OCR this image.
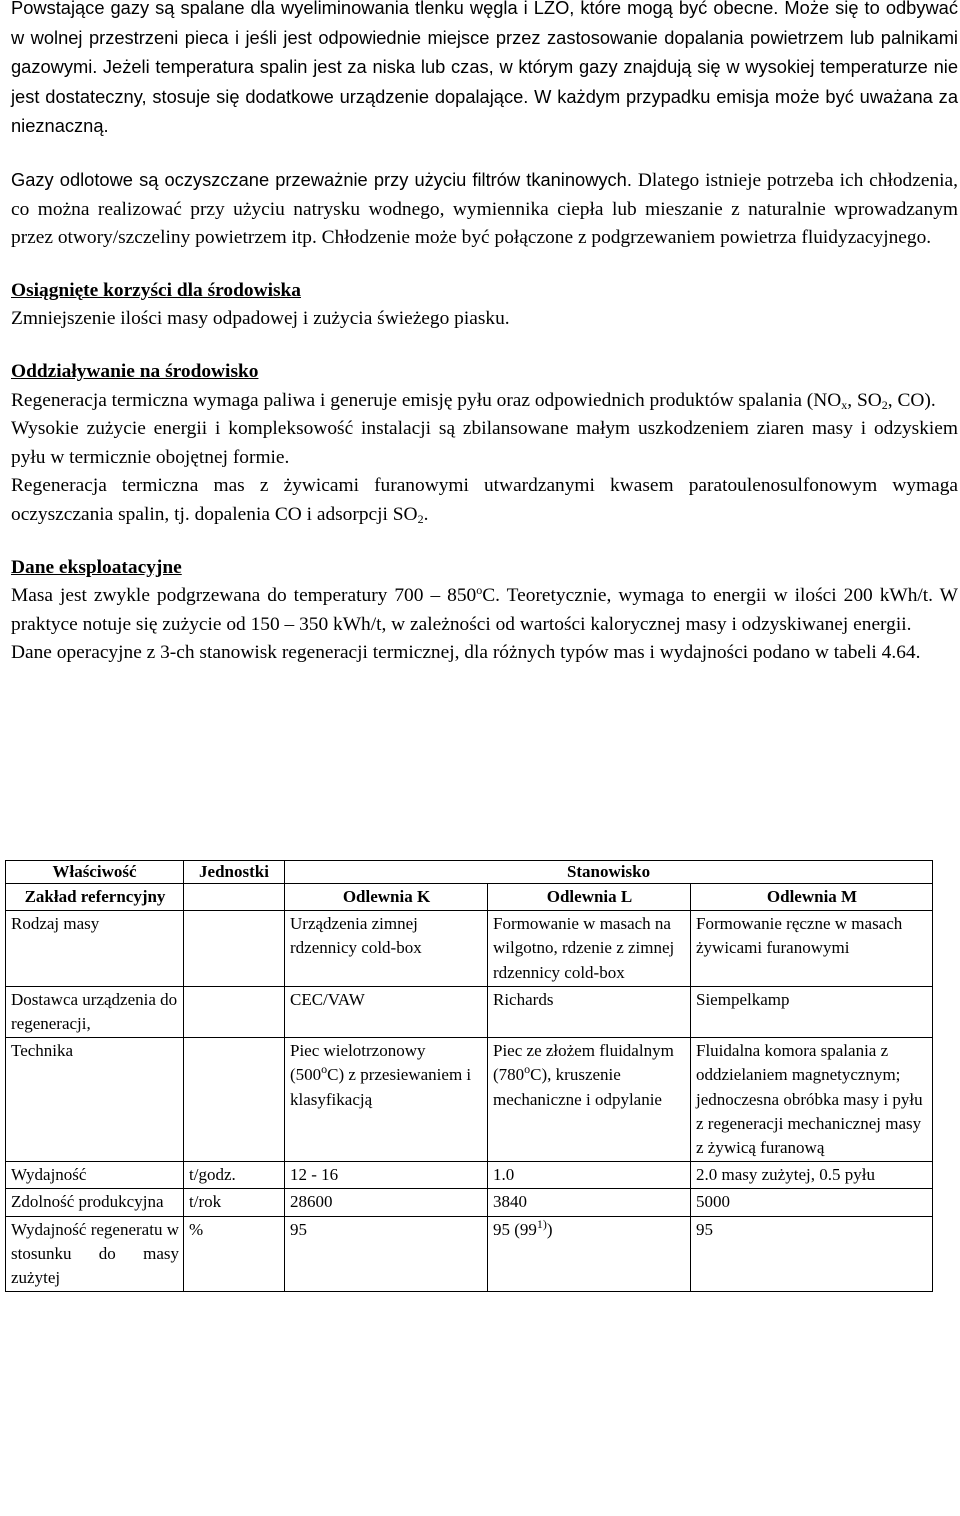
Powstające gazy są spalane dla wyeliminowania tlenku węgla i LZO, które mogą być obecne. Może się to odbywać w wolnej przestrzeni pieca i jeśli jest odpowiednie miejsce przez zastosowanie dopalania powietrzem lub palnikami gazowymi. Jeżeli temperatura spalin jest za niska lub czas, w którym gazy znajdują się w wysokiej temperaturze nie jest dostateczny, stosuje się dodatkowe urządzenie dopalające. W każdym przypadku emisja może być uważana za nieznaczną.

Gazy odlotowe są oczyszczane przeważnie przy użyciu filtrów tkaninowych. Dlatego istnieje potrzeba ich chłodzenia, co można realizować przy użyciu natrysku wodnego, wymiennika ciepła lub mieszanie z naturalnie wprowadzanym przez otwory/szczeliny powietrzem itp. Chłodzenie może być połączone z podgrzewaniem powietrza fluidyzacyjnego.

Osiągnięte korzyści dla środowiska

Zmniejszenie ilości masy odpadowej i zużycia świeżego piasku.

Oddziaływanie na środowisko

Regeneracja termiczna wymaga paliwa i generuje emisję pyłu oraz odpowiednich produktów spalania ($NO_x$, $SO_2$, CO).

Wysokie zużycie energii i kompleksowość instalacji są zbilansowane małym uszkodzeniem ziaren masy i odzyskiem pyłu w termicznie obojętnej formie.

Regeneracja termiczna mas z żywicami furanowymi utwardzanymi kwasem paratoulenosulfonowym wymaga oczyszczania spalin, tj. dopalenia CO i adsorpcji $SO_2$.

Dane eksploatacyjne

Masa jest zwykle podgrzewana do temperatury 700 – 850$^o$C. Teoretycznie, wymaga to energii w ilości 200 kWh/t. W praktyce notuje się zużycie od 150 – 350 kWh/t, w zależności od wartości kalorycznej masy i odzyskiwanej energii.

Dane operacyjne z 3-ch stanowisk regeneracji termicznej, dla różnych typów mas i wydajności podano w tabeli 4.64.

Właściwość	Jednostki	Stanowisko		
Zakład referncyjny		Odlewnia K	Odlewnia L	Odlewnia M
Rodzaj masy		Urządzenia zimnej rdzennicy cold-box	Formowanie w masach na wilgotno, rdzenie z zimnej rdzennicy cold-box	Formowanie ręczne w masach żywicami furanowymi
Dostawca urządzenia do regeneracji,		CEC/VAW	Richards	Siempelkamp
Technika		Piec wielotrzonowy (500$^o$C) z przesiewaniem i klasyfikacją	Piec ze złożem fluidalnym (780$^o$C), kruszenie mechaniczne i odpylanie	Fluidalna komora spalania z oddzielaniem magnetycznym; jednoczesna obróbka masy i pyłu z regeneracji mechanicznej masy z żywicą furanową
Wydajność	t/godz.	12 - 16	1.0	2.0 masy zużytej, 0.5 pyłu
Zdolność produkcyjna	t/rok	28600	3840	5000
Wydajność regeneratu w stosunku do masy zużytej	%	95	95 (99$^{1)}$)	95
